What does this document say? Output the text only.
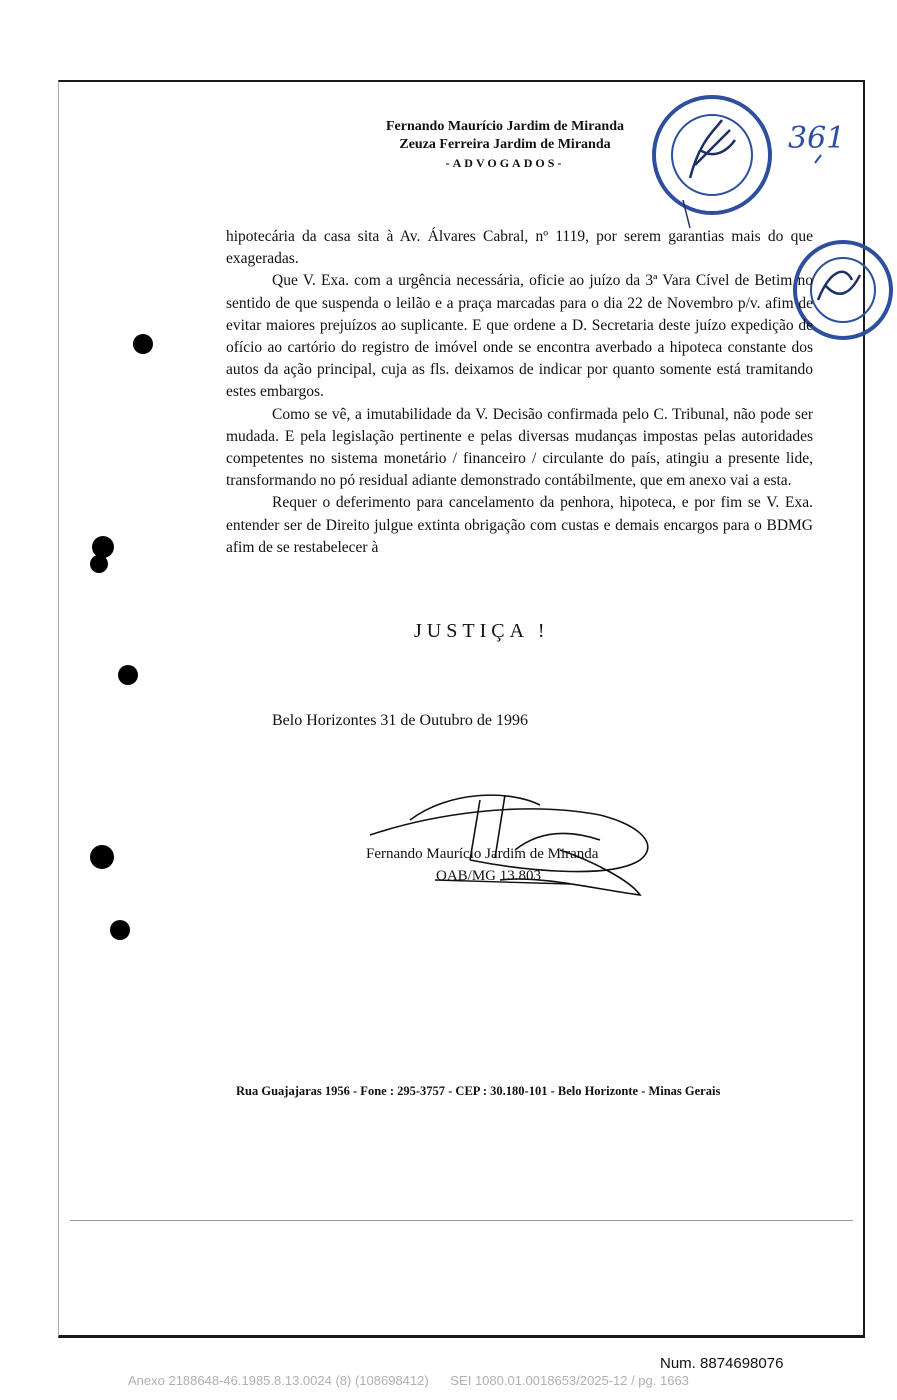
Fernando Maurício Jardim de Miranda
Zeuza Ferreira Jardim de Miranda
-ADVOGADOS-
361

hipotecária da casa sita à Av. Álvares Cabral, nº 1119, por serem garantias mais do que exageradas.

Que V. Exa. com a urgência necessária, oficie ao juízo da 3ª Vara Cível de Betim no sentido de que suspenda o leilão e a praça marcadas para o dia 22 de Novembro p/v. afim de evitar maiores prejuízos ao suplicante. E que ordene a D. Secretaria deste juízo expedição de ofício ao cartório do registro de imóvel onde se encontra averbado a hipoteca constante dos autos da ação principal, cuja as fls. deixamos de indicar por quanto somente está tramitando estes embargos.

Como se vê, a imutabilidade da V. Decisão confirmada pelo C. Tribunal, não pode ser mudada. E pela legislação pertinente e pelas diversas mudanças impostas pelas autoridades competentes no sistema monetário / financeiro / circulante do país, atingiu a presente lide, transformando no pó residual adiante demonstrado contábilmente, que em anexo vai a esta.

Requer o deferimento para cancelamento da penhora, hipoteca, e por fim se V. Exa. entender ser de Direito julgue extinta obrigação com custas e demais encargos para o BDMG afim de se restabelecer à

JUSTIÇA !
Belo Horizontes 31 de Outubro de 1996
Fernando Maurício Jardim de Miranda
OAB/MG 13.803
Rua Guajajaras 1956 - Fone : 295-3757 - CEP : 30.180-101 - Belo Horizonte - Minas Gerais
Num. 8874698076
Anexo 2188648-46.1985.8.13.0024 (8) (108698412) SEI 1080.01.0018653/2025-12 / pg. 1663
